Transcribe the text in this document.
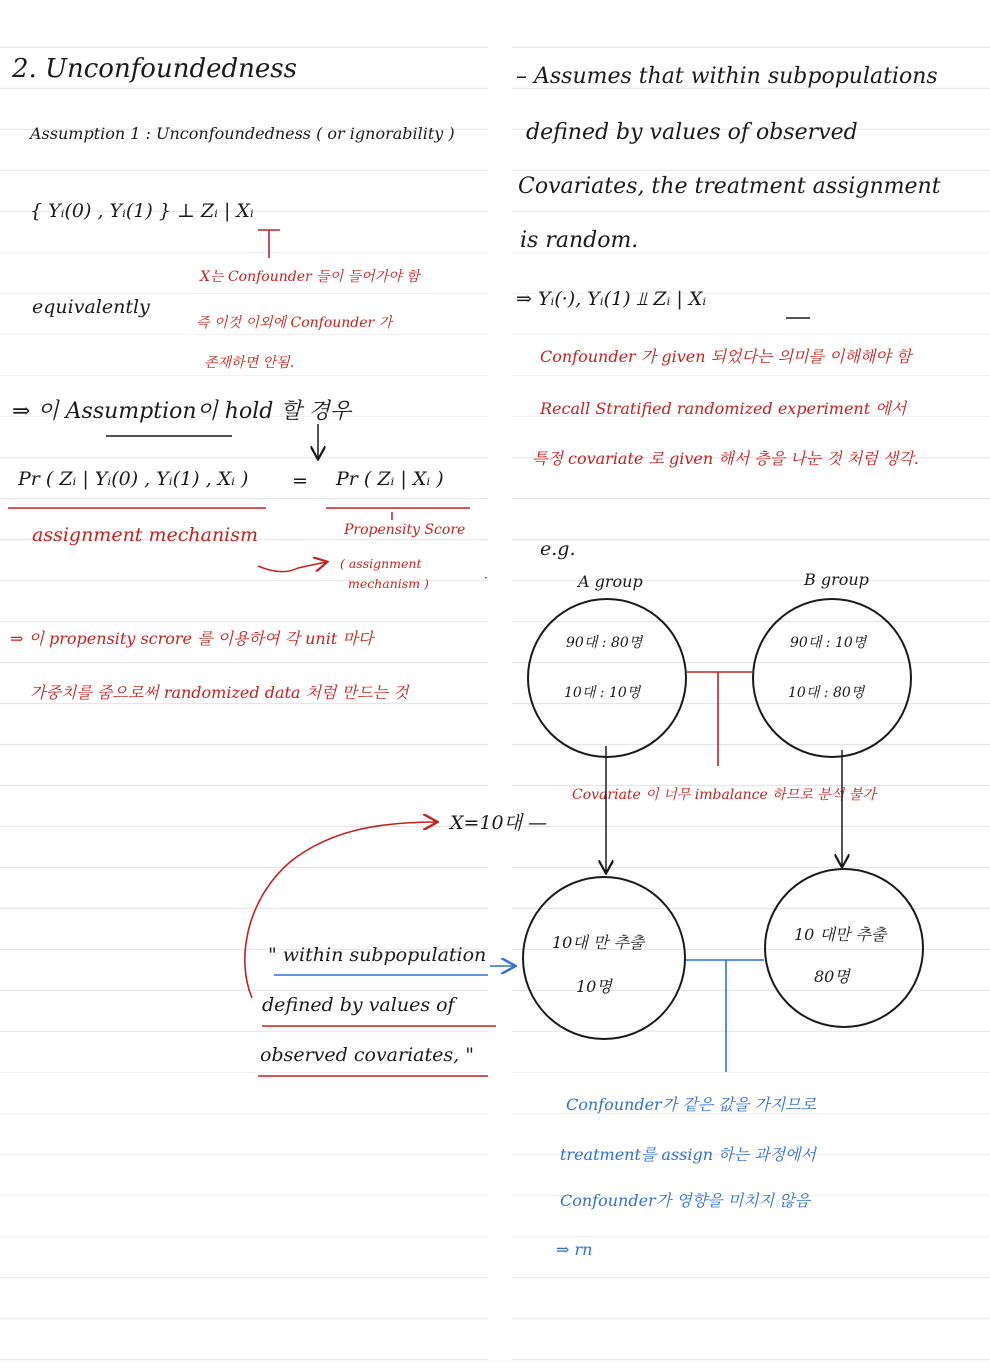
2. Unconfoundedness
Assumption 1 : Unconfoundedness ( or ignorability )
{ Yᵢ(0) , Yᵢ(1) } ⊥ Zᵢ | Xᵢ
equivalently
X는 Confounder 들이 들어가야 함
즉 이것 이외에 Confounder 가
존재하면 안됨.
⇒ 이 Assumption이 hold 할 경우
Pr ( Zᵢ | Yᵢ(0) , Yᵢ(1) , Xᵢ ) = Pr ( Zᵢ | Xᵢ )
assignment mechanism	Propensity Score
( assignment
mechanism )
⇒ 이 propensity scrore 를 이용하여 각 unit 마다
가중치를 줌으로써 randomized data 처럼 만드는 것
X=10대 —
" within subpopulation
defined by values of
observed covariates, "
– Assumes that within subpopulations
defined by values of observed
Covariates, the treatment assignment
is random.
⇒ Yᵢ(·), Yᵢ(1) ⫫ Zᵢ | Xᵢ
Confounder 가 given 되었다는 의미를 이해해야 함
Recall Stratified randomized experiment 에서
특정 covariate 로 given 해서 층을 나눈 것 처럼 생각.
e.g.
A group	B group
90대 : 80명
10대 : 10명
90대 : 10명
10대 : 80명
Covariate 이 너무 imbalance 하므로 분석 불가
10대 만 추출
10명
10 대만 추출
80명
Confounder가 같은 값을 가지므로
treatment를 assign 하는 과정에서
Confounder가 영향을 미치지 않음
⇒ rn
·
